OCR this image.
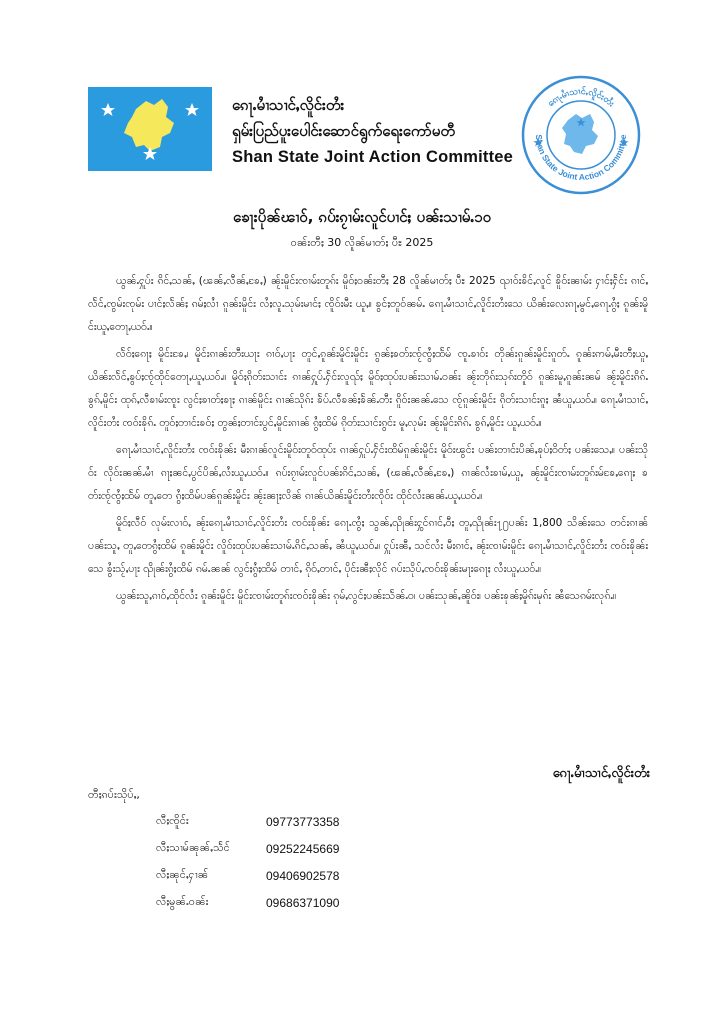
ၵေႃႉမၢႆသၢင်ႇလိူင်းတႆး
ရှမ်းပြည်ပူးပေါင်းဆောင်ရွက်ရေးကော်မတီ
Shan State Joint Action Committee
ၵေႃႉမၢႆသၢင်ႇလိူင်းတႆး
Shan State Joint Action Committee
ၶေႃးပိုၼ်ၽၢဝ်, ၵပ်းၵႂၢမ်းလူင်ပၢင်ႈ ပၼ်းသၢမ်ႉ၁၀
ဝၼ်းတီႈ 30 လိူၼ်မၢတ်ႈ ပီႊ 2025

ယွၼ်ႉႁူပ်း ၵိင်ႇသၼ်ႇ (ၽၼ်ႇလီၼ်ႇၶႄႇ) ၼႂ်းမိူင်းၸၢမ်းတူၵ်း မိူဝ်ႈဝၼ်းတီႈ 28 လိူၼ်မၢတ်ႈ ပီႊ 2025 ၺၢဝ်းၶိင်ႇလူင် ၶိူဝ်းၼၢမ်း ႁၢင်ႈႁႅင်း ၵၢင်ႇလႅင်ႇၸွမ်းၸုမ်း ပၢင်ႈလႅၼ်ႈ ၵမ်ႈလၢႆ ၵူၼ်းမိူင်း လႆႈလူႉသုမ်းမၢင်ႈ ၸိူဝ်းမီး ယူႇ။ ၶွင်ႈတူဝ်ၼမ်ႉ ၵေႃႉမၢႆသၢင်ႇလိူင်းတႆးသေ ယိၼ်းလေးၵႃႇမွင်ႇၵေႃႉၵွႆႈ ၵူၼ်းမိူင်းယူႇတေႃႇယဝ်ႉ။

လႅဝ်ႈၵေႃႈ မိူင်းၶႄႇ၊ မိူင်းၵၢၼ်းတီးယႃး ၵၢဝ်ႇပႃး တူင်ႇၵူၼ်းမိူင်းမိူင်း ၵွၼ်ႈၶတ်းၸႂ်ၸွႆႈထႅမ် ၸူႉၶၢဝ်း တိုၼ်းၵူၼ်းမိူင်းၵူတ်ႉ ၵူၼ်းဢမ်ႇမီးတီႈယူႇ ယိၼ်းလႅင်ႇၶွပ်ႈၸႂ်ထိုင်တေႃႇယူႇယဝ်ႉ။ မိူဝ်ႈၵိုတ်းသၢင်း ၵၢၼ်ႁူပ်ႉႁႅင်းလူၺ်ႈ မိူဝ်ႈထုပ်းပၼ်းသၢမ်ႉဝၼ်း ၼႂ်းတိုၵ်းသုၵ်းတိူဝ် ၵူၼ်းမူႇၵူၼ်းၼမ် ၼႂ်းမိူင်းၵိၵ်ႉ ၶွၵ်ႇမိူင်း ထုၵ်ႇလီၶၢမ်းၸူး လွင်ႈၶၢတ်ႈၶႃႈ ၵၢၼ်မိူင်း ၵၢၼ်သိုၵ်း ၶႅပ်ႉလီၶၼ်ႈၶႅၼ်ႉတီး ၵိူဝ်းၼၼ်ႉသေ ၸႂ်ၵူၼ်းမိူင်း ၵိုတ်းသၢင်းၵူႈ ၼႆယူႇယဝ်ႉ။ ၵေႃႉမၢႆသၢင်ႇလိူင်းတႆး ၸဝ်းၶိုၵ်ႉ တူဝ်ႈတၢင်းၶဝ်ႈ တွၼ်ႈတၢင်းပွင်ႇမိူင်းၵၢၼ် ၵွႆႈထိမ် ၵိုတ်းသၢင်းၵွင်း မူႇလုမ်း ၼႂ်းမိူင်းၵိၵ်ႉ ၶွၵ်ႇမိူင်း ယူႇယဝ်ႉ။

ၵေႃႉမၢႆသၢင်ႇလိူင်းတႆး ၸဝ်းၶိုၼ်း မီးၵၢၼ်လူင်းမိူဝ်းတူဝ်ထုပ်း ၵၢၼ်ႁူပ်ႉႁႅင်းထိမ်ၵူၼ်းမိူင်း မိူဝ်းၽွင်း ပၼ်းတၢင်းပိၼ်ႇၶုပ်ႈဝိတ်ႈ ပၼ်းသေႇ။ ပၼ်းသိုဝ်း လိုဝ်းၼၼ်ႉမၢႆ ၵႃႈၼင်ႇပွင်ပိၼ်ႇလႆးယူႇယဝ်ႉ။ ၵပ်းၵႂၢမ်းလူင်ပၼ်းၵိင်ႇသၼ်ႇ (ၽၼ်ႇလီၼ်ႇၶႄႇ) ၵၢၼ်လႆးၶၢမ်ႇယူႇ ၼႂ်းမိူင်းၸၢမ်းတူၵ်းမ်ၶႄႇၵေႃႈ ၶတ်းၸႂ်ၸွႆႈထႅမ် တူႇတေ ၵွႆႈထိမ်ပၼ်ၵူၼ်းမိူင်း ၼႂ်းၼႃႈလိၼ် ၵၢၼ်ယိၼ်းမိူင်းတႆးၸိုဝ်း ထိုင်လႆးၼၼ်ႉယူႇယဝ်ႉ။

မိူဝ်ႈလီဝ် လုမ်းလၢဝ်ႇ ၼႂ်းၵေႃႉမၢႆသၢင်ႇလိူင်းတႆး ၸဝ်းၶိုၼ်း ၵေႃႉၸွႆႈ သွၼ်ႇၺိုၼ်းႁွင်ၵၢင်ႇဝီႈ တူႇၺိုၼ်း႑႐ပၼ်း 1,800 သိၼ်းသေ တင်းၵၢၼ်ပၼ်းသူႇ တူႇတေၵွႆႈထိမ် ၵူၼ်းမိူင်း လိူဝ်းထုပ်းပၼ်းသၢမ်ႉၵိင်ႇသၼ်ႇ ၼႆယူႇယဝ်ႉ။ ႁူပ်းၼီႇ သင်လႆး မီးၵၢင်ႇ ၼႂ်းၸၢမ်းမိူင်း ၵေႃႉမၢႆသၢင်ႇလိူင်းတႆး ၸဝ်းၶိုၼ်းသေ ၶွႆးသႂ်ႇပႃး ၺိုၼ်းၵွႆႈထိမ် ၵမ်ႉၼၼ် လွင်ႈၵွႆႈထိမ် တၢင်ႇ ၵိုဝ်ႇတၢင်ႇ ပိုင်းၼီႈလိုင် ၵပ်းသိုပ်ႇၸဝ်းၶိုၼ်းမႃးၵေႃႈ လႆးယူႇယဝ်ႉ။

ယွၼ်းသူႇၵၢဝ်ႇထိုင်လႆး ၵူၼ်းမိူင်း မိူင်းၸၢမ်းတူၵ်းၸဝ်းၶိုၼ်း ၵုမ်ႇလွင်ႈပၼ်းသႅၼ်ႉ၀၊ ပၼ်းသုၼ်ႇၼိူဝ်း၊ ပၼ်းၶုၼ်ႈမိူၵ်းမုၵ်း ၼႆသေၵမ်းလုၵ်ႉ။

ၵေႃႉမၢႆသၢင်ႇလိူင်းတႆး
တီႈၵပ်းသိုပ်ႇ,
လီႈၸိူင်း	09773773358
လီႈသၢမ်ၼုၼ်ႇသႅင်	09252245669
လီႈၼုင်ႇႁၢၼ်	09406902578
လီႈမွၼ်ႉဝၼ်း	09686371090
